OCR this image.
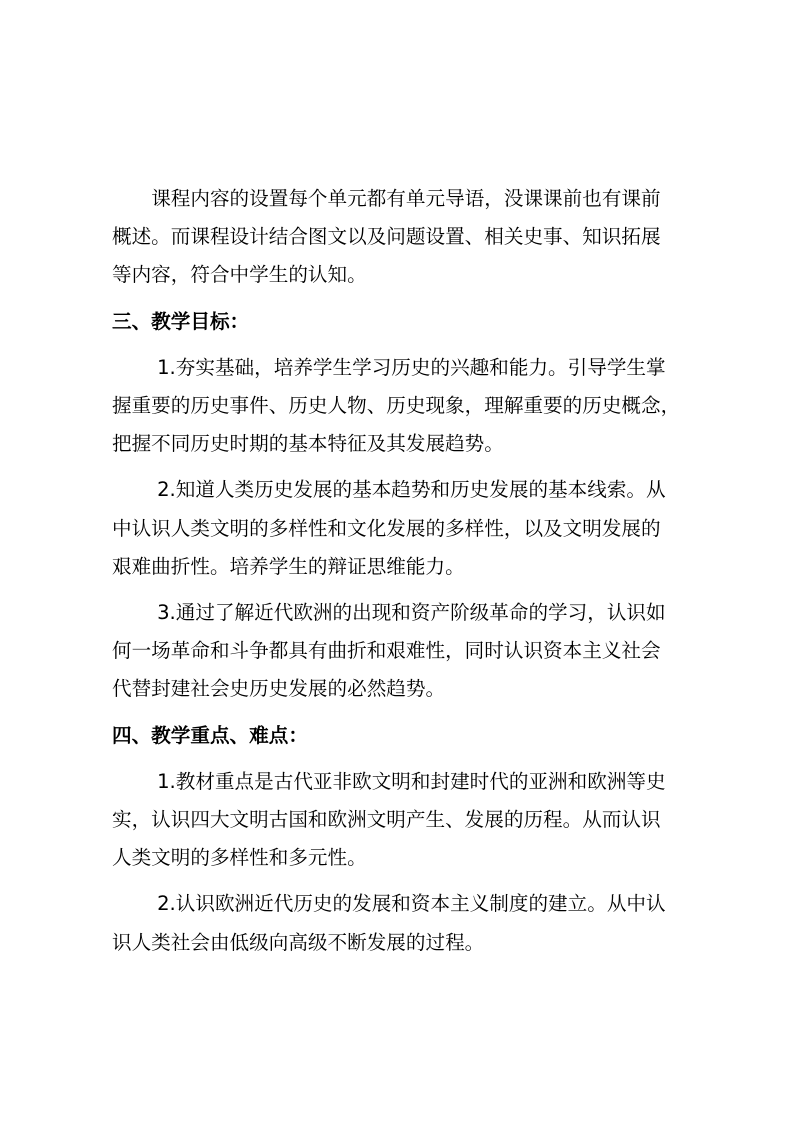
课程内容的设置每个单元都有单元导语，没课课前也有课前
概述。而课程设计结合图文以及问题设置、相关史事、知识拓展
等内容，符合中学生的认知。
三、教学目标：
1.夯实基础，培养学生学习历史的兴趣和能力。引导学生掌
握重要的历史事件、历史人物、历史现象，理解重要的历史概念，
把握不同历史时期的基本特征及其发展趋势。
2.知道人类历史发展的基本趋势和历史发展的基本线索。从
中认识人类文明的多样性和文化发展的多样性，以及文明发展的
艰难曲折性。培养学生的辩证思维能力。
3.通过了解近代欧洲的出现和资产阶级革命的学习，认识如
何一场革命和斗争都具有曲折和艰难性，同时认识资本主义社会
代替封建社会史历史发展的必然趋势。
四、教学重点、难点：
1.教材重点是古代亚非欧文明和封建时代的亚洲和欧洲等史
实，认识四大文明古国和欧洲文明产生、发展的历程。从而认识
人类文明的多样性和多元性。
2.认识欧洲近代历史的发展和资本主义制度的建立。从中认
识人类社会由低级向高级不断发展的过程。
